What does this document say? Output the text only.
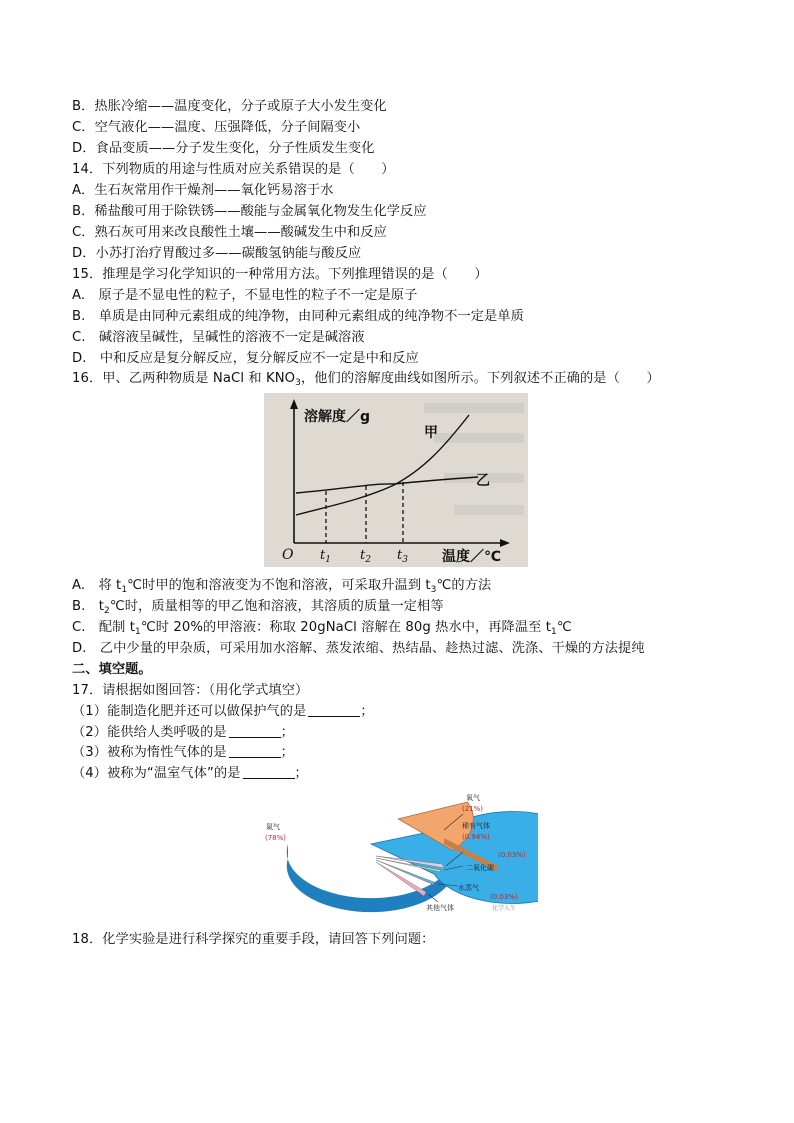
B．热胀冷缩——温度变化，分子或原子大小发生变化
C．空气液化——温度、压强降低，分子间隔变小
D．食品变质——分子发生变化，分子性质发生变化
14．下列物质的用途与性质对应关系错误的是（　　）
A．生石灰常用作干燥剂——氧化钙易溶于水
B．稀盐酸可用于除铁锈——酸能与金属氧化物发生化学反应
C．熟石灰可用来改良酸性土壤——酸碱发生中和反应
D．小苏打治疗胃酸过多——碳酸氢钠能与酸反应
15．推理是学习化学知识的一种常用方法。下列推理错误的是（　　）
A.　原子是不显电性的粒子，不显电性的粒子不一定是原子
B.　单质是由同种元素组成的纯净物，由同种元素组成的纯净物不一定是单质
C.　碱溶液呈碱性，呈碱性的溶液不一定是碱溶液
D.　中和反应是复分解反应，复分解反应不一定是中和反应
16．甲、乙两种物质是 NaCl 和 $KNO_3$，他们的溶解度曲线如图所示。下列叙述不正确的是（　　）
溶解度／g
甲
乙
O $t_1$ $t_2$ $t_3$ 温度／℃
A.　将 $t_1℃$时甲的饱和溶液变为不饱和溶液，可采取升温到 $t_3℃$的方法
B.　$t_2℃$时，质量相等的甲乙饱和溶液，其溶质的质量一定相等
C.　配制 $t_1℃$时 20%的甲溶液：称取 20gNaCl 溶解在 80g 热水中，再降温至 $t_1℃$
D.　乙中少量的甲杂质，可采用加水溶解、蒸发浓缩、热结晶、趁热过滤、洗涤、干燥的方法提纯
二、填空题。
17．请根据如图回答：（用化学式填空）
（1）能制造化肥并还可以做保护气的是	；
（2）能供给人类呼吸的是	；
（3）被称为惰性气体的是	；
（4）被称为“温室气体”的是	；
氮气
(78%)
氧气
(21%)
稀有气体
(0.94%)
(0.03%)
二氧化碳
水蒸气
(0.03%)
其他气体	化学人生
18．化学实验是进行科学探究的重要手段，请回答下列问题：
